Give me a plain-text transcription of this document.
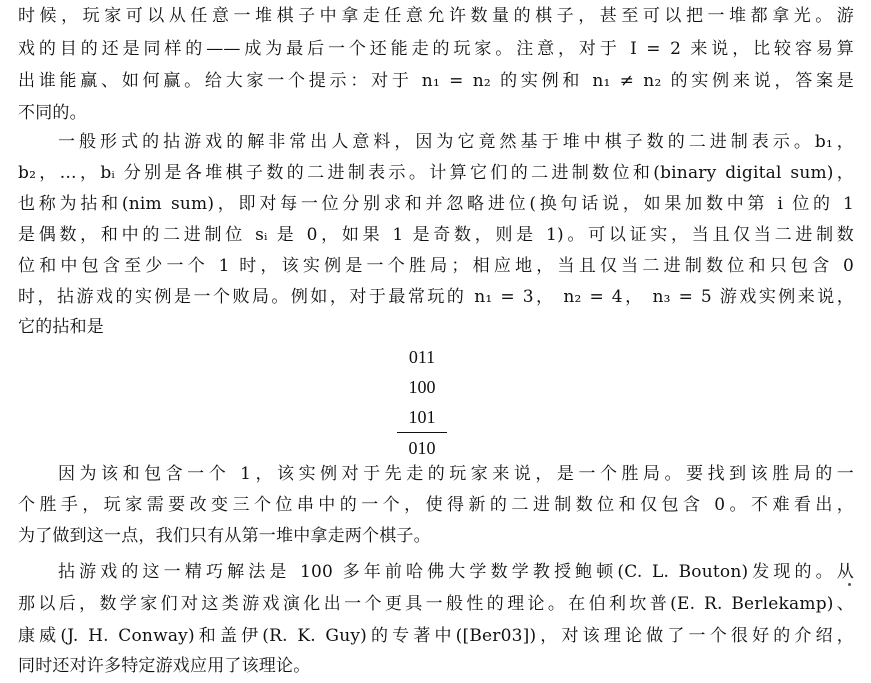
时候，玩家可以从任意一堆棋子中拿走任意允许数量的棋子，甚至可以把一堆都拿光。游
戏的目的还是同样的——成为最后一个还能走的玩家。注意，对于 I = 2 来说，比较容易算
出谁能赢、如何赢。给大家一个提示：对于 n₁ = n₂ 的实例和 n₁ ≠ n₂ 的实例来说，答案是
不同的。
一般形式的拈游戏的解非常出人意料，因为它竟然基于堆中棋子数的二进制表示。b₁，
b₂，…，bᵢ 分别是各堆棋子数的二进制表示。计算它们的二进制数位和(binary digital sum)，
也称为拈和(nim sum)，即对每一位分别求和并忽略进位(换句话说，如果加数中第 i 位的 1
是偶数，和中的二进制位 sᵢ 是 0，如果 1 是奇数，则是 1)。可以证实，当且仅当二进制数
位和中包含至少一个 1 时，该实例是一个胜局；相应地，当且仅当二进制数位和只包含 0
时，拈游戏的实例是一个败局。例如，对于最常玩的 n₁ = 3， n₂ = 4， n₃ = 5 游戏实例来说，
它的拈和是
011
100
101
010
因为该和包含一个 1，该实例对于先走的玩家来说，是一个胜局。要找到该胜局的一
个胜手，玩家需要改变三个位串中的一个，使得新的二进制数位和仅包含 0。不难看出，
为了做到这一点，我们只有从第一堆中拿走两个棋子。
拈游戏的这一精巧解法是 100 多年前哈佛大学数学教授鲍顿(C. L. Bouton)发现的。从
那以后，数学家们对这类游戏演化出一个更具一般性的理论。在伯利坎普(E. R. Berlekamp)、
康威(J. H. Conway)和盖伊(R. K. Guy)的专著中([Ber03])，对该理论做了一个很好的介绍，
同时还对许多特定游戏应用了该理论。
